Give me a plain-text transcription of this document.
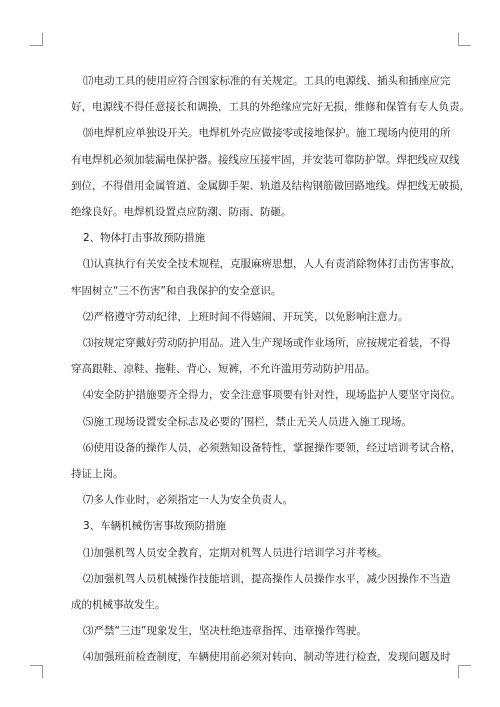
⒄电动工具的使用应符合国家标准的有关规定。工具的电源线、插头和插座应完
好，电源线不得任意接长和调换，工具的外绝缘应完好无损，维修和保管有专人负责。
⒅电焊机应单独设开关。电焊机外壳应做接零或接地保护。施工现场内使用的所
有电焊机必须加装漏电保护器。接线应压接牢固，并安装可靠防护罩。焊把线应双线
到位，不得借用金属管道、金属脚手架、轨道及结构钢筋做回路地线。焊把线无破损，
绝缘良好。电焊机设置点应防潮、防雨、防砸。
2、物体打击事故预防措施
⑴认真执行有关安全技术规程，克服麻痹思想，人人有责消除物体打击伤害事故，
牢固树立“三不伤害”和自我保护的安全意识。
⑵严格遵守劳动纪律，上班时间不得嬉闹、开玩笑，以免影响注意力。
⑶按规定穿戴好劳动防护用品。进入生产现场或作业场所，应按规定着装，不得
穿高跟鞋、凉鞋、拖鞋、背心、短裤，不允许滥用劳动防护用品。
⑷安全防护措施要齐全得力，安全注意事项要有针对性，现场监护人要坚守岗位。
⑸施工现场设置安全标志及必要的’围栏，禁止无关人员进入施工现场。
⑹使用设备的操作人员，必须熟知设备特性，掌握操作要领，经过培训考试合格，
持证上岗。
⑺多人作业时，必须指定一人为安全负责人。
3、车辆机械伤害事故预防措施
⑴加强机驾人员安全教育，定期对机驾人员进行培训学习并考核。
⑵加强机驾人员机械操作技能培训，提高操作人员操作水平，减少因操作不当造
成的机械事故发生。
⑶严禁“三违”现象发生，坚决杜绝违章指挥、违章操作驾驶。
⑷加强班前检查制度，车辆使用前必须对转向、制动等进行检查，发现问题及时
